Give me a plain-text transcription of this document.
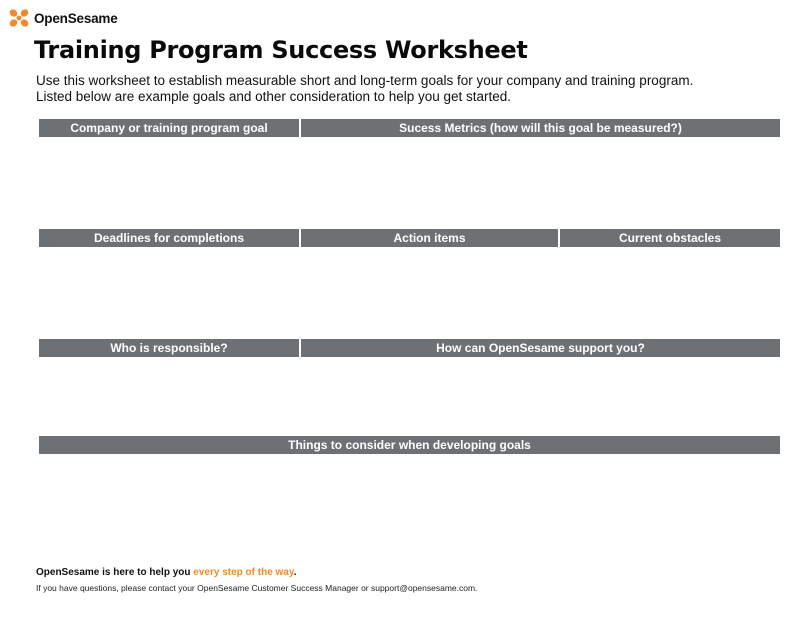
OpenSesame
Training Program Success Worksheet
Use this worksheet to establish measurable short and long-term goals for your company and training program.
Listed below are example goals and other consideration to help you get started.
Company or training program goal	Sucess Metrics (how will this goal be measured?)
Deadlines for completions	Action items	Current obstacles
Who is responsible?	How can OpenSesame support you?
Things to consider when developing goals
OpenSesame is here to help you every step of the way.
If you have questions, please contact your OpenSesame Customer Success Manager or support@opensesame.com.
